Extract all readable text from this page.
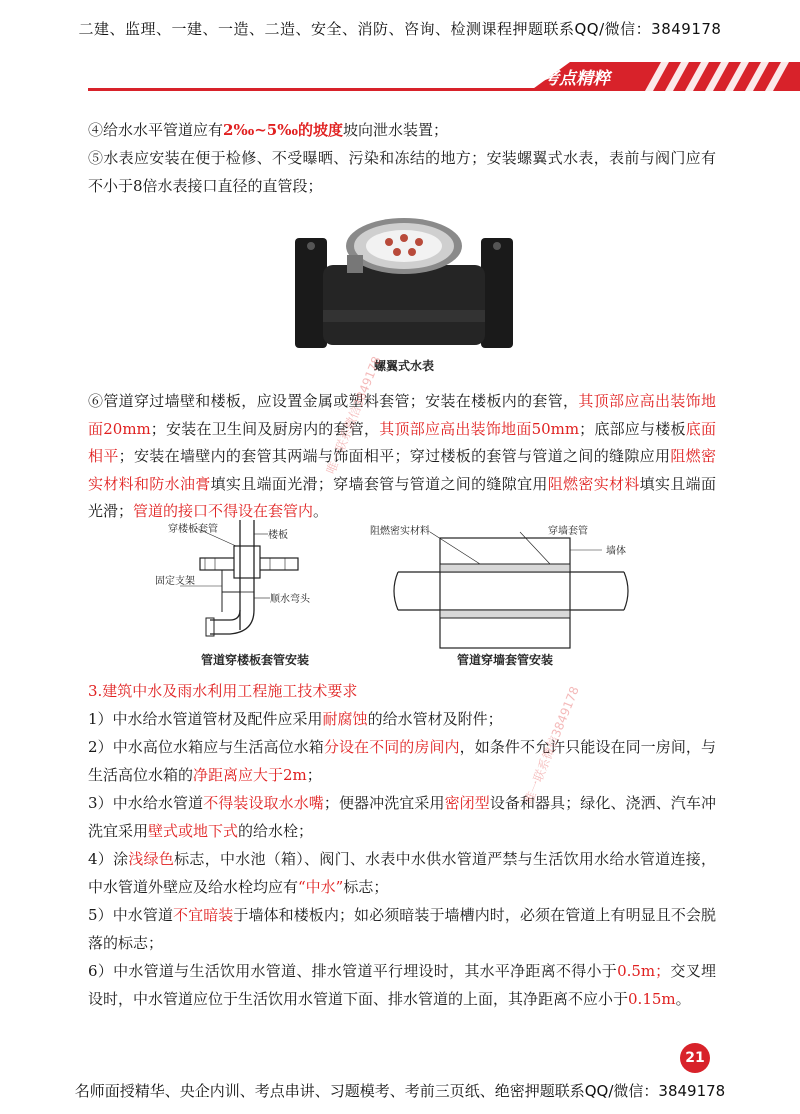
二建、监理、一建、一造、二造、安全、消防、咨询、检测课程押题联系QQ/微信：3849178
考点精粹
④给水水平管道应有2‰~5‰的坡度坡向泄水装置；
⑤水表应安装在便于检修、不受曝晒、污染和冻结的地方；安装螺翼式水表，表前与阀门应有不小于8倍水表接口直径的直管段；
螺翼式水表
⑥管道穿过墙壁和楼板，应设置金属或塑料套管；安装在楼板内的套管，其顶部应高出装饰地面20mm；安装在卫生间及厨房内的套管，其顶部应高出装饰地面50mm；底部应与楼板底面相平；安装在墙壁内的套管其两端与饰面相平；穿过楼板的套管与管道之间的缝隙应用阻燃密实材料和防水油膏填实且端面光滑；穿墙套管与管道之间的缝隙宜用阻燃密实材料填实且端面光滑；管道的接口不得设在套管内。
穿楼板套管
楼板
固定支架
顺水弯头
管道穿楼板套管安装
阻燃密实材料	穿墙套管
墙体
管道穿墙套管安装
3.建筑中水及雨水利用工程施工技术要求
1）中水给水管道管材及配件应采用耐腐蚀的给水管材及附件；
2）中水高位水箱应与生活高位水箱分设在不同的房间内，如条件不允许只能设在同一房间，与生活高位水箱的净距离应大于2m；
3）中水给水管道不得装设取水水嘴；便器冲洗宜采用密闭型设备和器具；绿化、浇洒、汽车冲洗宜采用壁式或地下式的给水栓；
4）涂浅绿色标志，中水池（箱）、阀门、水表中水供水管道严禁与生活饮用水给水管道连接，中水管道外壁应及给水栓均应有“中水”标志；
5）中水管道不宜暗装于墙体和楼板内；如必须暗装于墙槽内时，必须在管道上有明显且不会脱落的标志；
6）中水管道与生活饮用水管道、排水管道平行埋设时，其水平净距离不得小于0.5m；交叉埋设时，中水管道应位于生活饮用水管道下面、排水管道的上面，其净距离不应小于0.15m。
唯一联系微信3849178
唯一联系微信3849178
21
名师面授精华、央企内训、考点串讲、习题模考、考前三页纸、绝密押题联系QQ/微信：3849178
